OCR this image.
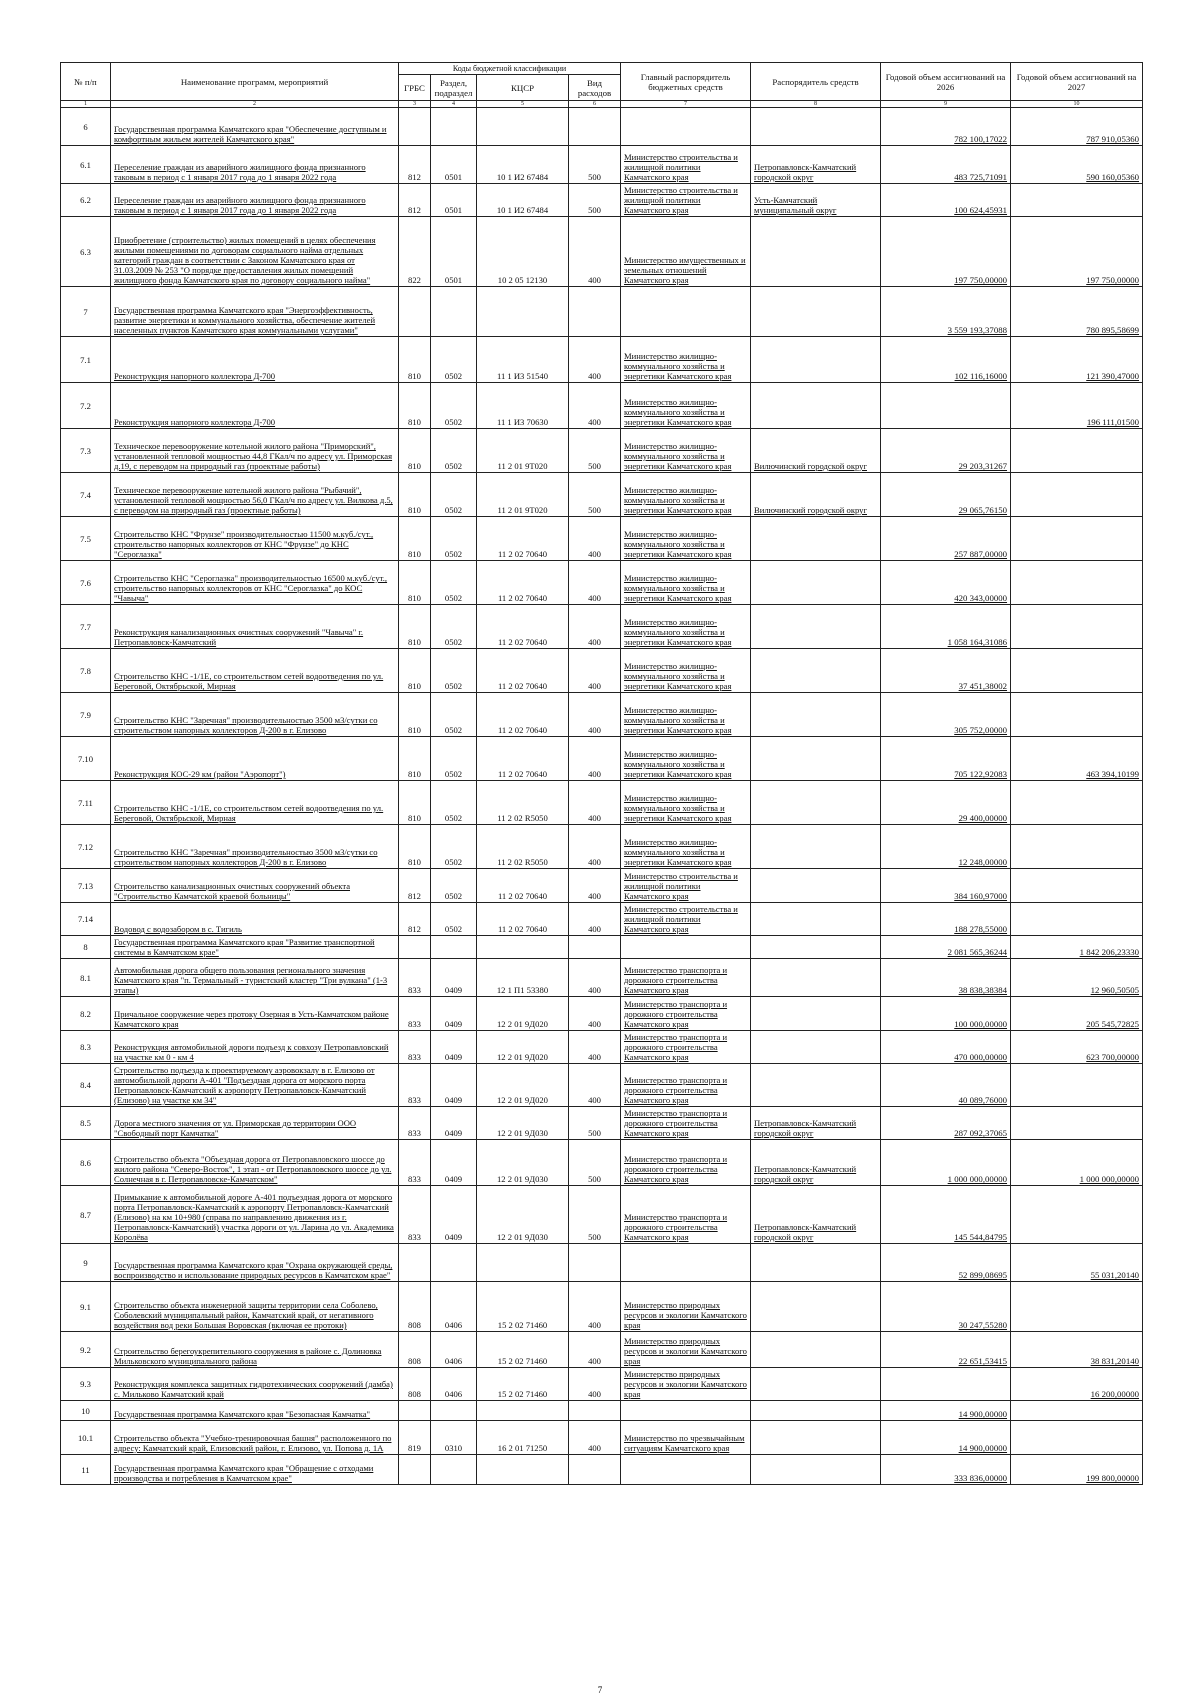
№ п/п	Наименование программ, мероприятий	Коды бюджетной классификации				Главный распорядитель бюджетных средств	Распорядитель средств	Годовой объем ассигнований на 2026	Годовой объем ассигнований на 2027
		ГРБС	Раздел, подраздел	КЦСР	Вид расходов				
1	2	3	4	5	6	7	8	9	10
6	Государственная программа Камчатского края "Обеспечение доступным и комфортным жильем жителей Камчатского края"							782 100,17022	787 910,05360
6.1	Переселение граждан из аварийного жилищного фонда признанного таковым в период с 1 января 2017 года до 1 января 2022 года	812	0501	10 1 И2 67484	500	Министерство строительства и жилищной политики Камчатского края	Петропавловск-Камчатский городской округ	483 725,71091	590 160,05360
6.2	Переселение граждан из аварийного жилищного фонда признанного таковым в период с 1 января 2017 года до 1 января 2022 года	812	0501	10 1 И2 67484	500	Министерство строительства и жилищной политики Камчатского края	Усть-Камчатский муниципальный округ	100 624,45931	
6.3	Приобретение (строительство) жилых помещений в целях обеспечения жилыми помещениями по договорам социального найма отдельных категорий граждан в соответствии с Законом Камчатского края от 31.03.2009 № 253 "О порядке предоставления жилых помещений жилищного фонда Камчатского края по договору социального найма"	822	0501	10 2 05 12130	400	Министерство имущественных и земельных отношений Камчатского края		197 750,00000	197 750,00000
7	Государственная программа Камчатского края "Энергоэффективность, развитие энергетики и коммунального хозяйства, обеспечение жителей населенных пунктов Камчатского края коммунальными услугами"							3 559 193,37088	780 895,58699
7.1	Реконструкция напорного коллектора Д-700	810	0502	11 1 И3 51540	400	Министерство жилищно-коммунального хозяйства и энергетики Камчатского края		102 116,16000	121 390,47000
7.2	Реконструкция напорного коллектора Д-700	810	0502	11 1 И3 70630	400	Министерство жилищно-коммунального хозяйства и энергетики Камчатского края			196 111,01500
7.3	Техническое перевооружение котельной жилого района "Приморский", установленной тепловой мощностью 44,8 ГКал/ч по адресу ул. Приморская д.19, с переводом на природный газ (проектные работы)	810	0502	11 2 01 9Т020	500	Министерство жилищно-коммунального хозяйства и энергетики Камчатского края	Вилючинский городской округ	29 203,31267	
7.4	Техническое перевооружение котельной жилого района "Рыбачий", установленной тепловой мощностью 56,0 ГКал/ч по адресу ул. Вилкова д.5, с переводом на природный газ (проектные работы)	810	0502	11 2 01 9Т020	500	Министерство жилищно-коммунального хозяйства и энергетики Камчатского края	Вилючинский городской округ	29 065,76150	
7.5	Строительство КНС "Фрунзе" производительностью 11500 м.куб./сут., строительство напорных коллекторов от КНС "Фрунзе" до КНС "Сероглазка"	810	0502	11 2 02 70640	400	Министерство жилищно-коммунального хозяйства и энергетики Камчатского края		257 887,00000	
7.6	Строительство КНС "Сероглазка" производительностью 16500 м.куб./сут., строительство напорных коллекторов от КНС "Сероглазка" до КОС "Чавыча"	810	0502	11 2 02 70640	400	Министерство жилищно-коммунального хозяйства и энергетики Камчатского края		420 343,00000	
7.7	Реконструкция канализационных очистных сооружений "Чавыча" г. Петропавловск-Камчатский	810	0502	11 2 02 70640	400	Министерство жилищно-коммунального хозяйства и энергетики Камчатского края		1 058 164,31086	
7.8	Строительство КНС -1/1Е, со строительством сетей водоотведения по ул. Береговой, Октябрьской, Мирная	810	0502	11 2 02 70640	400	Министерство жилищно-коммунального хозяйства и энергетики Камчатского края		37 451,38002	
7.9	Строительство КНС "Заречная" производительностью 3500 м3/сутки со строительством напорных коллекторов Д-200 в г. Елизово	810	0502	11 2 02 70640	400	Министерство жилищно-коммунального хозяйства и энергетики Камчатского края		305 752,00000	
7.10	Реконструкция КОС-29 км (район "Аэропорт")	810	0502	11 2 02 70640	400	Министерство жилищно-коммунального хозяйства и энергетики Камчатского края		705 122,92083	463 394,10199
7.11	Строительство КНС -1/1Е, со строительством сетей водоотведения по ул. Береговой, Октябрьской, Мирная	810	0502	11 2 02 R5050	400	Министерство жилищно-коммунального хозяйства и энергетики Камчатского края		29 400,00000	
7.12	Строительство КНС "Заречная" производительностью 3500 м3/сутки со строительством напорных коллекторов Д-200 в г. Елизово	810	0502	11 2 02 R5050	400	Министерство жилищно-коммунального хозяйства и энергетики Камчатского края		12 248,00000	
7.13	Строительство канализационных очистных сооружений объекта "Строительство Камчатской краевой больницы"	812	0502	11 2 02 70640	400	Министерство строительства и жилищной политики Камчатского края		384 160,97000	
7.14	Водовод с водозабором в с. Тигиль	812	0502	11 2 02 70640	400	Министерство строительства и жилищной политики Камчатского края		188 278,55000	
8	Государственная программа Камчатского края "Развитие транспортной системы в Камчатском крае"							2 081 565,36244	1 842 206,23330
8.1	Автомобильная дорога общего пользования регионального значения Камчатского края "п. Термальный - туристский кластер "Три вулкана" (1-3 этапы)	833	0409	12 1 П1 53380	400	Министерство транспорта и дорожного строительства Камчатского края		38 838,38384	12 960,50505
8.2	Причальное сооружение через протоку Озерная в Усть-Камчатском районе Камчатского края	833	0409	12 2 01 9Д020	400	Министерство транспорта и дорожного строительства Камчатского края		100 000,00000	205 545,72825
8.3	Реконструкция автомобильной дороги подъезд к совхозу Петропавловский на участке км 0 - км 4	833	0409	12 2 01 9Д020	400	Министерство транспорта и дорожного строительства Камчатского края		470 000,00000	623 700,00000
8.4	Строительство подъезда к проектируемому аэровокзалу в г. Елизово от автомобильной дороги А-401 "Подъездная дорога от морского порта Петропавловск-Камчатский к аэропорту Петропавловск-Камчатский (Елизово) на участке км 34"	833	0409	12 2 01 9Д020	400	Министерство транспорта и дорожного строительства Камчатского края		40 089,76000	
8.5	Дорога местного значения от ул. Приморская до территории ООО "Свободный порт Камчатка"	833	0409	12 2 01 9Д030	500	Министерство транспорта и дорожного строительства Камчатского края	Петропавловск-Камчатский городской округ	287 092,37065	
8.6	Строительство объекта "Объездная дорога от Петропавловского шоссе до жилого района "Северо-Восток", 1 этап - от Петропавловского шоссе до ул. Солнечная в г. Петропавловске-Камчатском"	833	0409	12 2 01 9Д030	500	Министерство транспорта и дорожного строительства Камчатского края	Петропавловск-Камчатский городской округ	1 000 000,00000	1 000 000,00000
8.7	Примыкание к автомобильной дороге А-401 подъездная дорога от морского порта Петропавловск-Камчатский к аэропорту Петропавловск-Камчатский (Елизово) на км 10+980 (справа по направлению движения из г. Петропавловск-Камчатский) участка дороги от ул. Ларина до ул. Академика Королёва	833	0409	12 2 01 9Д030	500	Министерство транспорта и дорожного строительства Камчатского края	Петропавловск-Камчатский городской округ	145 544,84795	
9	Государственная программа Камчатского края "Охрана окружающей среды, воспроизводство и использование природных ресурсов в Камчатском крае"							52 899,08695	55 031,20140
9.1	Строительство объекта инженерной защиты территории села Соболево, Соболевский муниципальный район, Камчатский край, от негативного воздействия вод реки Большая Воровская (включая ее протоки)	808	0406	15 2 02 71460	400	Министерство природных ресурсов и экологии Камчатского края		30 247,55280	
9.2	Строительство берегоукрепительного сооружения в районе с. Долиновка Мильковского муниципального района	808	0406	15 2 02 71460	400	Министерство природных ресурсов и экологии Камчатского края		22 651,53415	38 831,20140
9.3	Реконструкция комплекса защитных гидротехнических сооружений (дамба) с. Мильково Камчатский край	808	0406	15 2 02 71460	400	Министерство природных ресурсов и экологии Камчатского края			16 200,00000
10	Государственная программа Камчатского края "Безопасная Камчатка"							14 900,00000	
10.1	Строительство объекта "Учебно-тренировочная башня" расположенного по адресу: Камчатский край, Елизовский район, г. Елизово, ул. Попова д. 1А	819	0310	16 2 01 71250	400	Министерство по чрезвычайным ситуациям Камчатского края		14 900,00000	
11	Государственная программа Камчатского края "Обращение с отходами производства и потребления в Камчатском крае"							333 836,00000	199 800,00000
7
